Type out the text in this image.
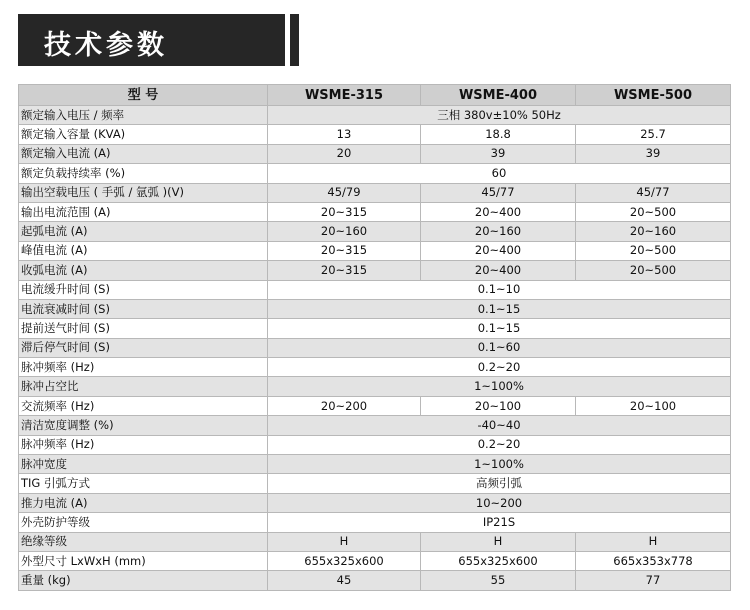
技术参数
型 号	WSME-315	WSME-400	WSME-500
额定输入电压 / 频率	三相 380v±10% 50Hz		
额定输入容量 (KVA)	13	18.8	25.7
额定输入电流 (A)	20	39	39
额定负载持续率 (%)	60		
输出空载电压 ( 手弧 / 氩弧 )(V)	45/79	45/77	45/77
输出电流范围 (A)	20~315	20~400	20~500
起弧电流 (A)	20~160	20~160	20~160
峰值电流 (A)	20~315	20~400	20~500
收弧电流 (A)	20~315	20~400	20~500
电流缓升时间 (S)	0.1~10		
电流衰减时间 (S)	0.1~15		
提前送气时间 (S)	0.1~15		
滞后停气时间 (S)	0.1~60		
脉冲频率 (Hz)	0.2~20		
脉冲占空比	1~100%		
交流频率 (Hz)	20~200	20~100	20~100
清洁宽度调整 (%)	-40~40		
脉冲频率 (Hz)	0.2~20		
脉冲宽度	1~100%		
TIG 引弧方式	高频引弧		
推力电流 (A)	10~200		
外壳防护等级	IP21S		
绝缘等级	H	H	H
外型尺寸 LxWxH (mm)	655x325x600	655x325x600	665x353x778
重量 (kg)	45	55	77
